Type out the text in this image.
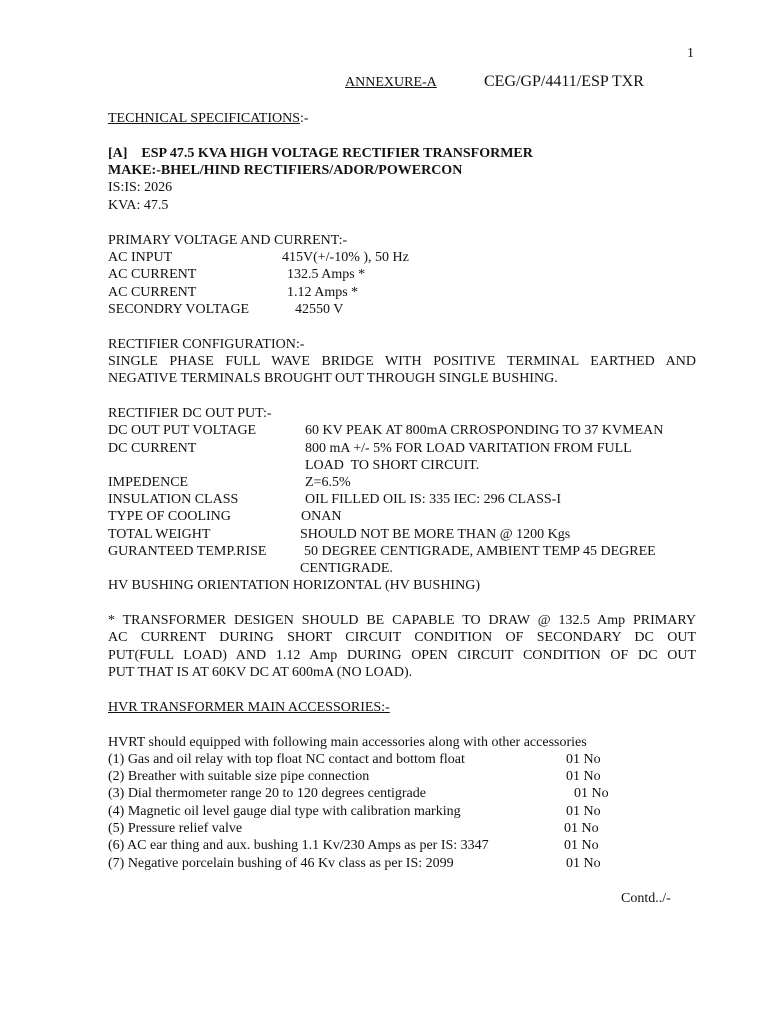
1
ANNEXURE-A	CEG/GP/4411/ESP TXR
TECHNICAL SPECIFICATIONS:-
[A]    ESP 47.5 KVA HIGH VOLTAGE RECTIFIER TRANSFORMER
MAKE:-BHEL/HIND RECTIFIERS/ADOR/POWERCON
IS:IS: 2026
KVA: 47.5
PRIMARY VOLTAGE AND CURRENT:-
AC INPUT	415V(+/-10% ), 50 Hz
AC CURRENT	132.5 Amps *
AC CURRENT	1.12 Amps *
SECONDRY VOLTAGE	42550 V
RECTIFIER CONFIGURATION:-
SINGLE PHASE FULL WAVE BRIDGE WITH POSITIVE TERMINAL EARTHED AND
NEGATIVE TERMINALS BROUGHT OUT THROUGH SINGLE BUSHING.
RECTIFIER DC OUT PUT:-
DC OUT PUT VOLTAGE	60 KV PEAK AT 800mA CRROSPONDING TO 37 KVMEAN
DC CURRENT	800 mA +/- 5% FOR LOAD VARITATION FROM FULL
LOAD  TO SHORT CIRCUIT.
IMPEDENCE	Z=6.5%
INSULATION CLASS	OIL FILLED OIL IS: 335 IEC: 296 CLASS-I
TYPE OF COOLING	ONAN
TOTAL WEIGHT	SHOULD NOT BE MORE THAN @ 1200 Kgs
GURANTEED TEMP.RISE	50 DEGREE CENTIGRADE, AMBIENT TEMP 45 DEGREE
CENTIGRADE.
HV BUSHING ORIENTATION HORIZONTAL (HV BUSHING)
* TRANSFORMER DESIGEN SHOULD BE CAPABLE TO DRAW @ 132.5 Amp PRIMARY
AC CURRENT DURING SHORT CIRCUIT CONDITION OF SECONDARY DC OUT
PUT(FULL LOAD) AND 1.12 Amp DURING OPEN CIRCUIT CONDITION OF DC OUT
PUT THAT IS AT 60KV DC AT 600mA (NO LOAD).
HVR TRANSFORMER MAIN ACCESSORIES:-
HVRT should equipped with following main accessories along with other accessories
(1) Gas and oil relay with top float NC contact and bottom float	01 No
(2) Breather with suitable size pipe connection	01 No
(3) Dial thermometer range 20 to 120 degrees centigrade	01 No
(4) Magnetic oil level gauge dial type with calibration marking	01 No
(5) Pressure relief valve	01 No
(6) AC ear thing and aux. bushing 1.1 Kv/230 Amps as per IS: 3347	01 No
(7) Negative porcelain bushing of 46 Kv class as per IS: 2099	01 No
Contd../-
